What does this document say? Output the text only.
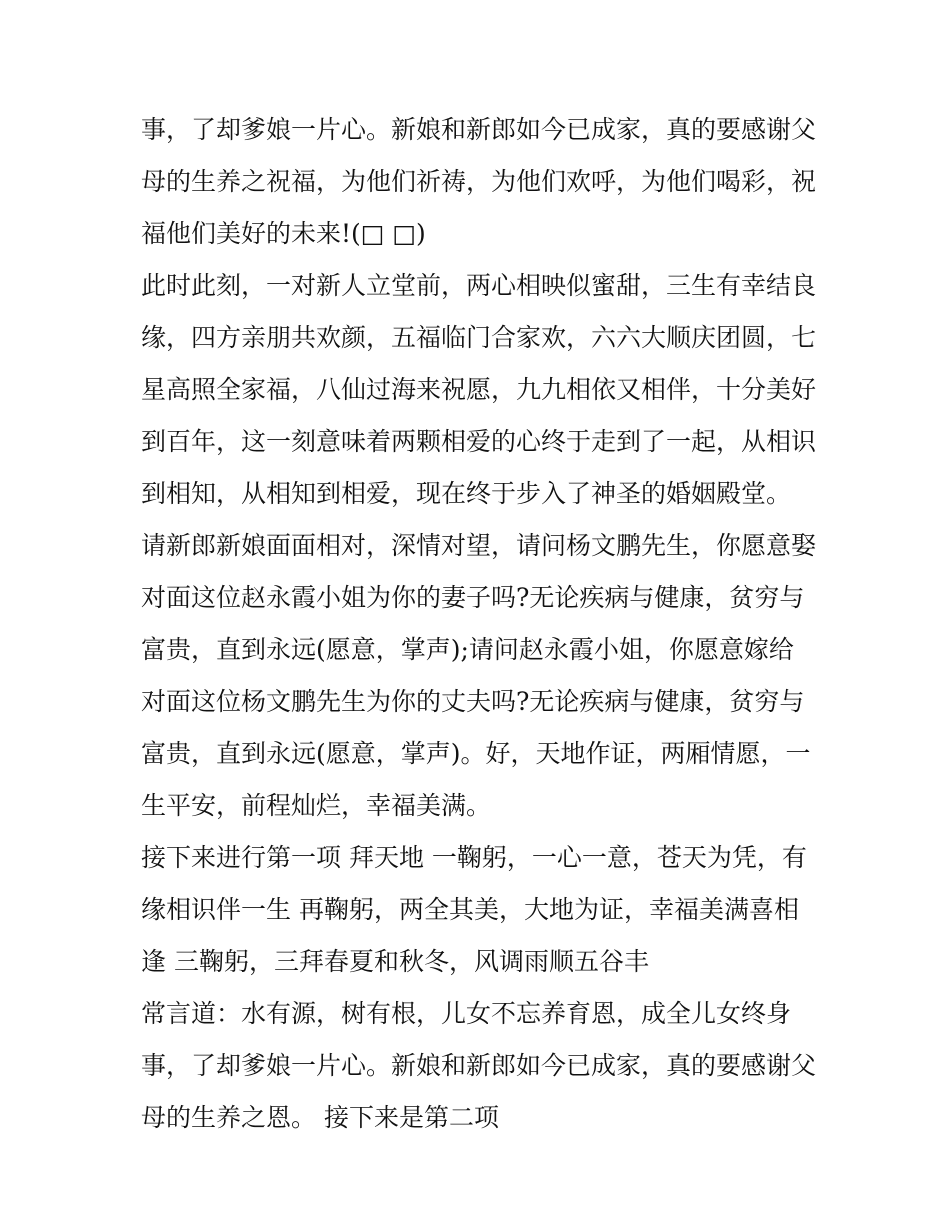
事，了却爹娘一片心。新娘和新郎如今已成家，真的要感谢父
母的生养之祝福，为他们祈祷，为他们欢呼，为他们喝彩，祝
福他们美好的未来!(□ □)
此时此刻，一对新人立堂前，两心相映似蜜甜，三生有幸结良
缘，四方亲朋共欢颜，五福临门合家欢，六六大顺庆团圆，七
星高照全家福，八仙过海来祝愿，九九相依又相伴，十分美好
到百年，这一刻意味着两颗相爱的心终于走到了一起，从相识
到相知，从相知到相爱，现在终于步入了神圣的婚姻殿堂。
请新郎新娘面面相对，深情对望，请问杨文鹏先生，你愿意娶
对面这位赵永霞小姐为你的妻子吗?无论疾病与健康，贫穷与
富贵，直到永远(愿意，掌声);请问赵永霞小姐，你愿意嫁给
对面这位杨文鹏先生为你的丈夫吗?无论疾病与健康，贫穷与
富贵，直到永远(愿意，掌声)。好，天地作证，两厢情愿，一
生平安，前程灿烂，幸福美满。
接下来进行第一项 拜天地 一鞠躬，一心一意，苍天为凭，有
缘相识伴一生 再鞠躬，两全其美，大地为证，幸福美满喜相
逢 三鞠躬，三拜春夏和秋冬，风调雨顺五谷丰
常言道：水有源，树有根，儿女不忘养育恩，成全儿女终身
事，了却爹娘一片心。新娘和新郎如今已成家，真的要感谢父
母的生养之恩。 接下来是第二项
